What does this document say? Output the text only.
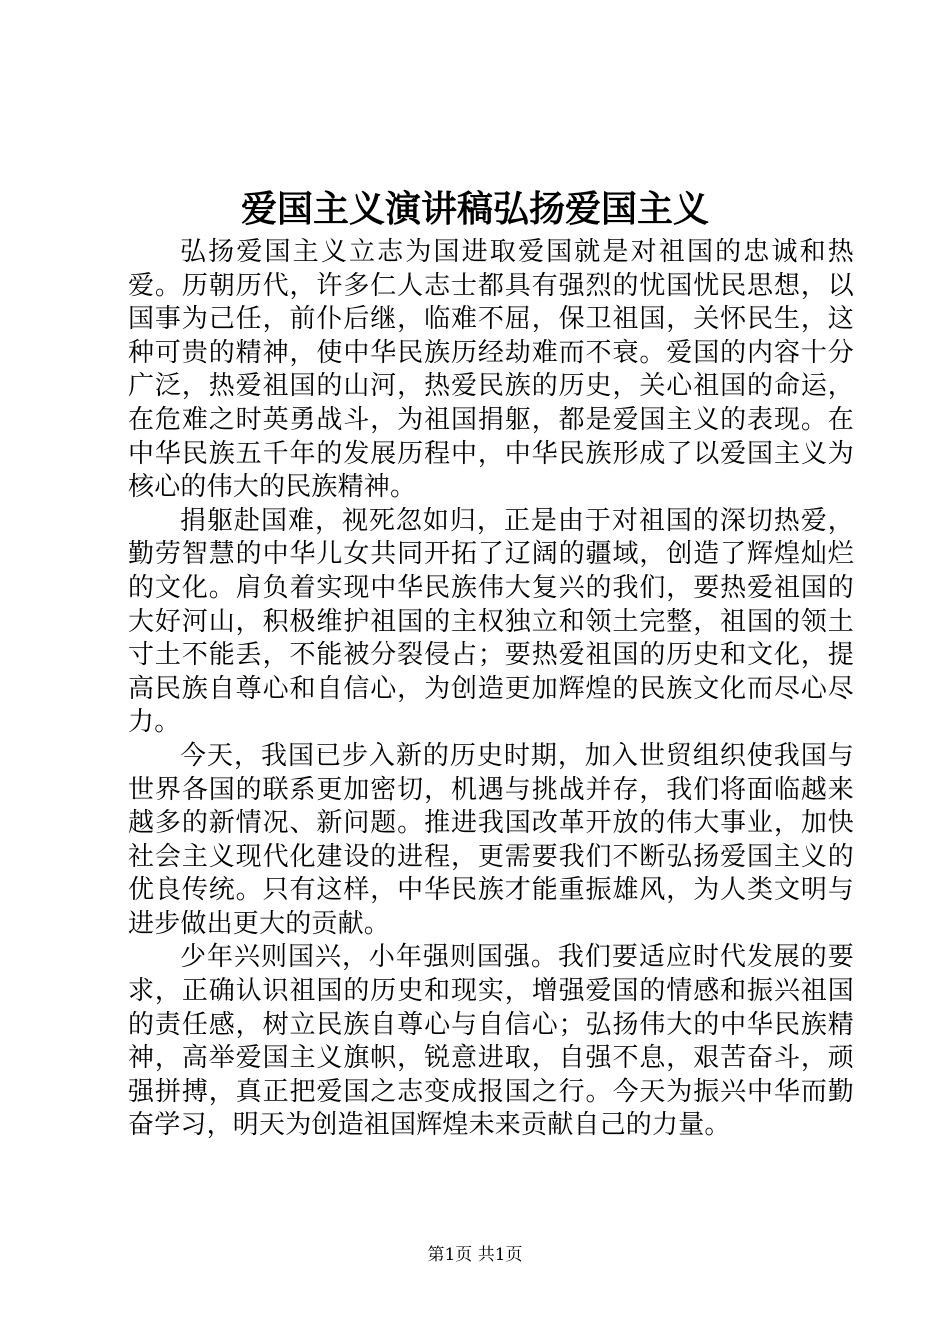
爱国主义演讲稿弘扬爱国主义

弘扬爱国主义立志为国进取爱国就是对祖国的忠诚和热爱。历朝历代，许多仁人志士都具有强烈的忧国忧民思想，以国事为己任，前仆后继，临难不屈，保卫祖国，关怀民生，这种可贵的精神，使中华民族历经劫难而不衰。爱国的内容十分广泛，热爱祖国的山河，热爱民族的历史，关心祖国的命运，在危难之时英勇战斗，为祖国捐躯，都是爱国主义的表现。在中华民族五千年的发展历程中，中华民族形成了以爱国主义为核心的伟大的民族精神。

捐躯赴国难，视死忽如归，正是由于对祖国的深切热爱，勤劳智慧的中华儿女共同开拓了辽阔的疆域，创造了辉煌灿烂的文化。肩负着实现中华民族伟大复兴的我们，要热爱祖国的大好河山，积极维护祖国的主权独立和领土完整，祖国的领土寸土不能丢，不能被分裂侵占；要热爱祖国的历史和文化，提高民族自尊心和自信心，为创造更加辉煌的民族文化而尽心尽力。

今天，我国已步入新的历史时期，加入世贸组织使我国与世界各国的联系更加密切，机遇与挑战并存，我们将面临越来越多的新情况、新问题。推进我国改革开放的伟大事业，加快社会主义现代化建设的进程，更需要我们不断弘扬爱国主义的优良传统。只有这样，中华民族才能重振雄风，为人类文明与进步做出更大的贡献。

少年兴则国兴，小年强则国强。我们要适应时代发展的要求，正确认识祖国的历史和现实，增强爱国的情感和振兴祖国的责任感，树立民族自尊心与自信心；弘扬伟大的中华民族精神，高举爱国主义旗帜，锐意进取，自强不息，艰苦奋斗，顽强拼搏，真正把爱国之志变成报国之行。今天为振兴中华而勤奋学习，明天为创造祖国辉煌未来贡献自己的力量。

第1页 共1页
